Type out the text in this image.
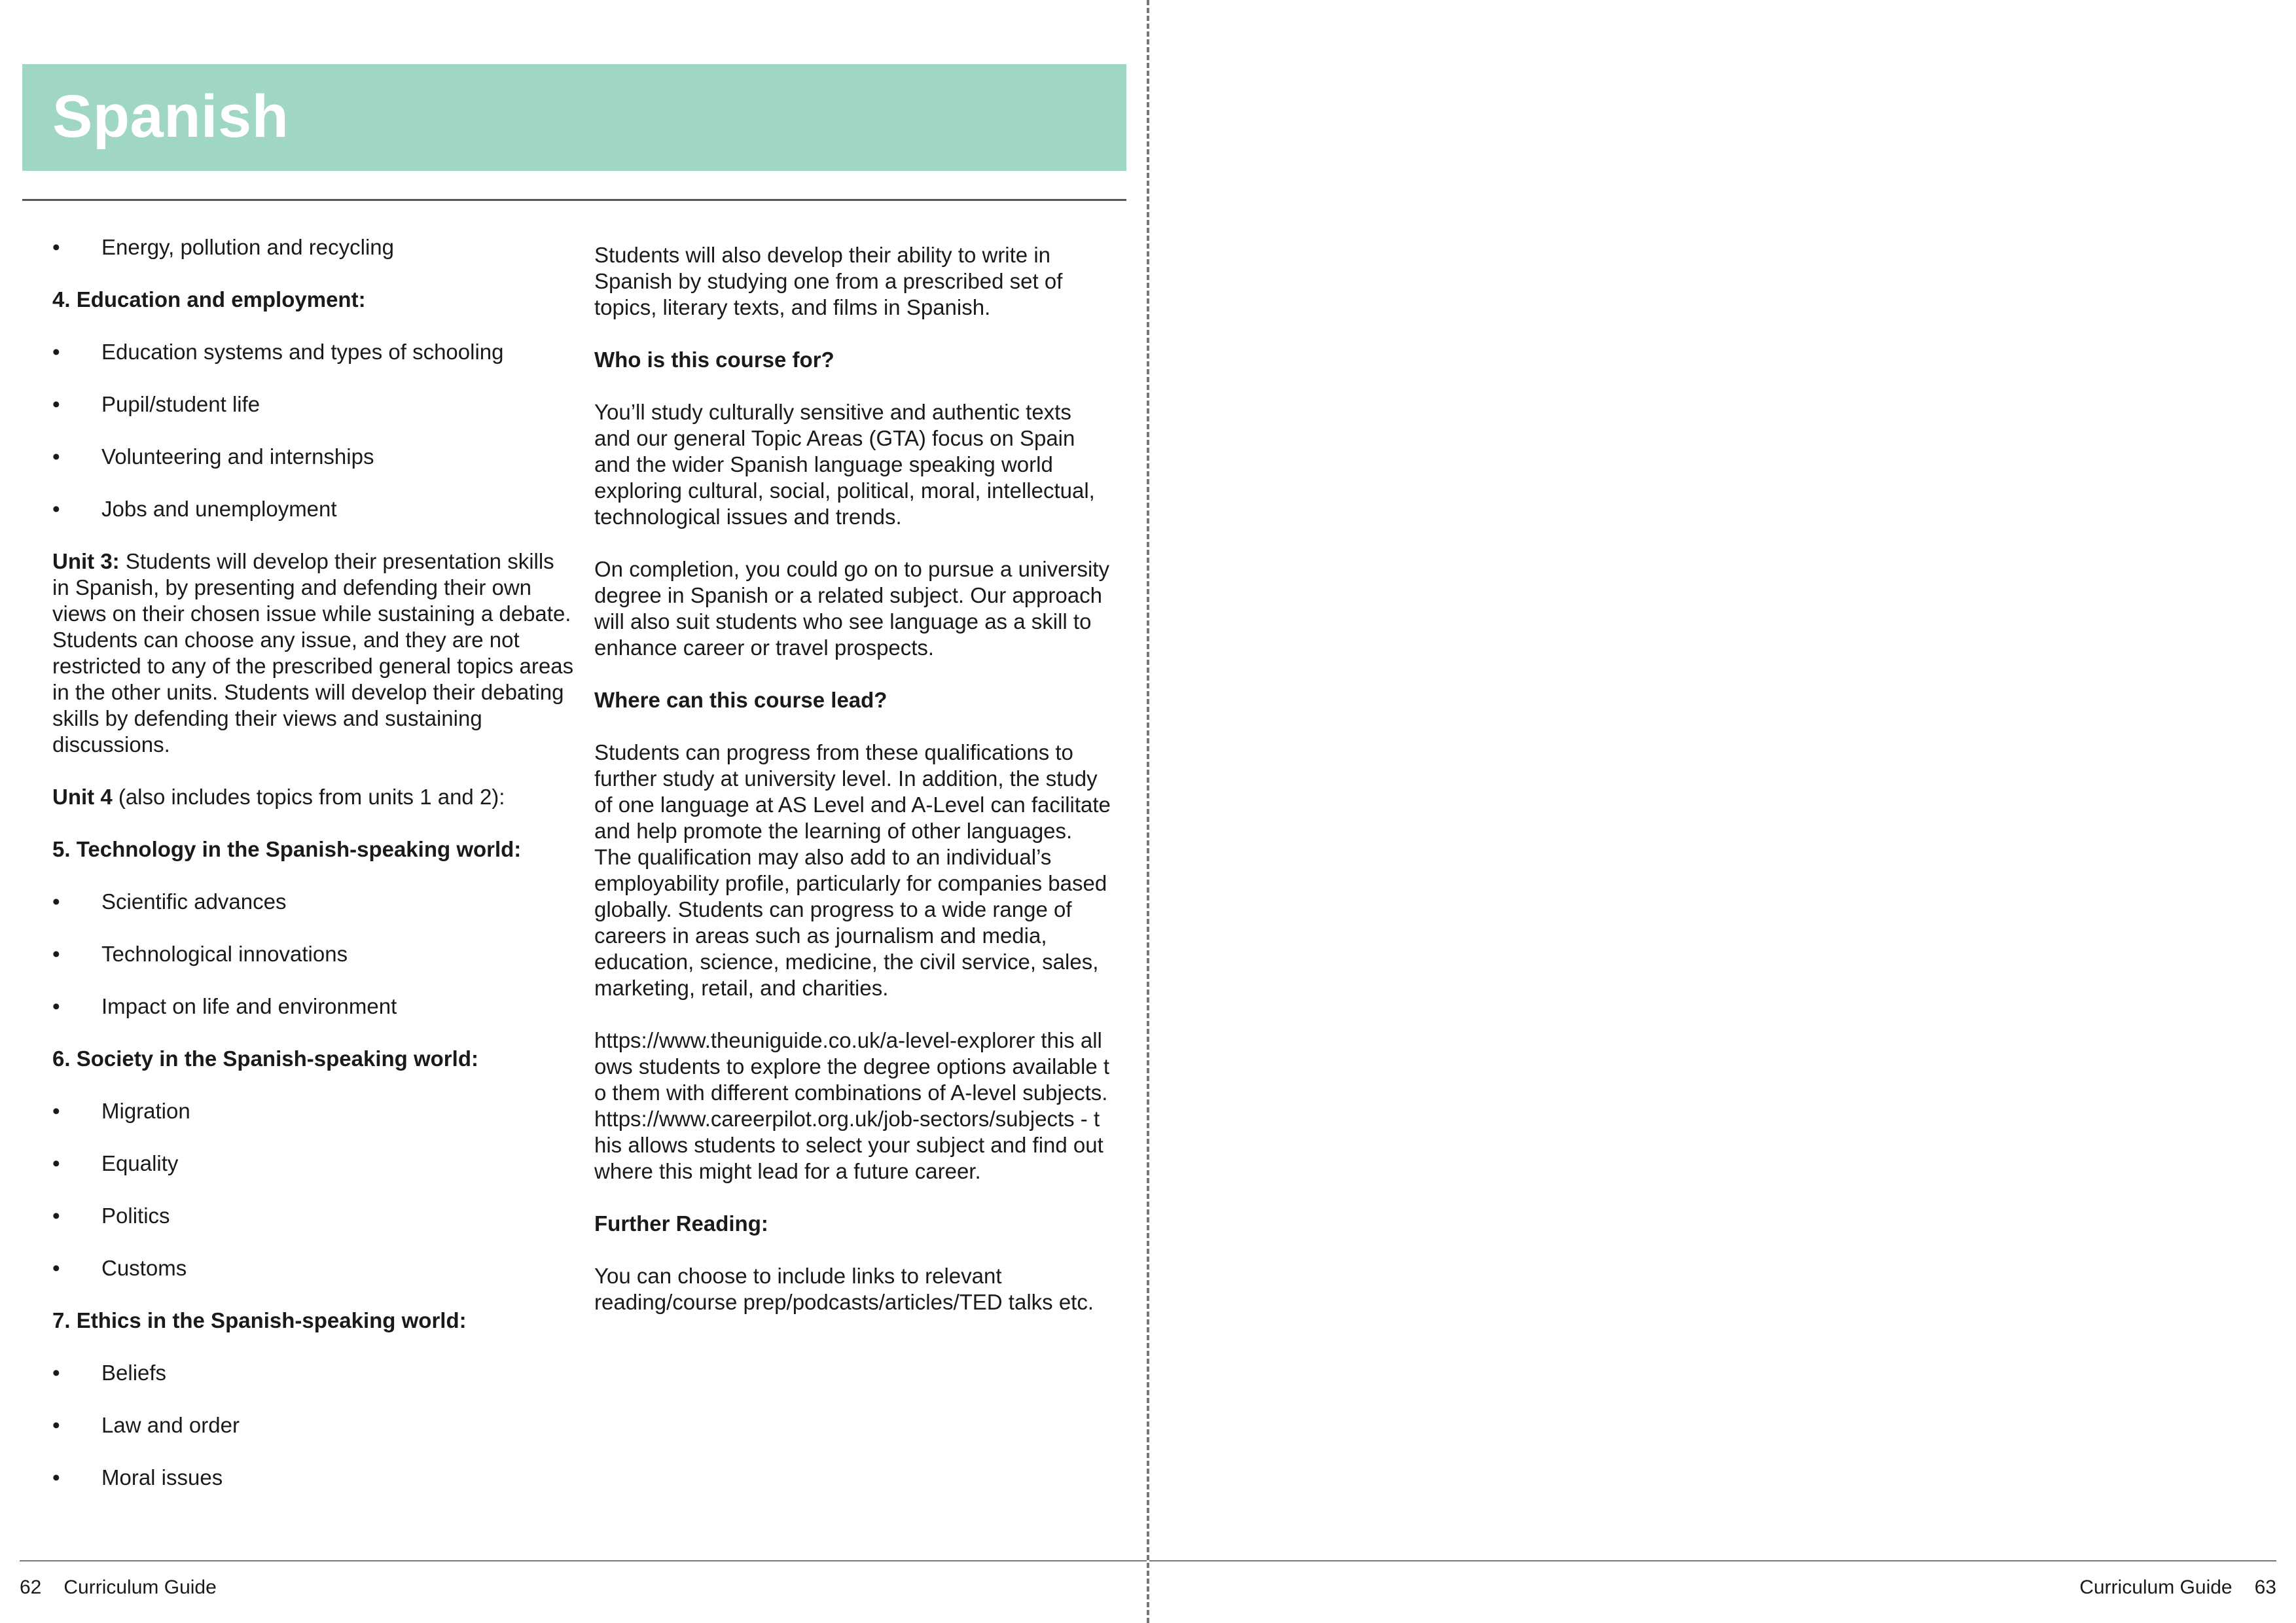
Spanish
• Energy, pollution and recycling
4. Education and employment:
• Education systems and types of schooling
• Pupil/student life
• Volunteering and internships
• Jobs and unemployment
Unit 3: Students will develop their presentation skills in Spanish, by presenting and defending their own views on their chosen issue while sustaining a debate. Students can choose any issue, and they are not restricted to any of the prescribed general topics areas in the other units. Students will develop their debating skills by defending their views and sustaining discussions.
Unit 4 (also includes topics from units 1 and 2):
5. Technology in the Spanish-speaking world:
• Scientific advances
• Technological innovations
• Impact on life and environment
6. Society in the Spanish-speaking world:
• Migration
• Equality
• Politics
• Customs
7. Ethics in the Spanish-speaking world:
• Beliefs
• Law and order
• Moral issues
Students will also develop their ability to write in Spanish by studying one from a prescribed set of topics, literary texts, and films in Spanish.
Who is this course for?
You’ll study culturally sensitive and authentic texts and our general Topic Areas (GTA) focus on Spain and the wider Spanish language speaking world exploring cultural, social, political, moral, intellectual, technological issues and trends.
On completion, you could go on to pursue a university degree in Spanish or a related subject. Our approach will also suit students who see language as a skill to enhance career or travel prospects.
Where can this course lead?
Students can progress from these qualifications to further study at university level. In addition, the study of one language at AS Level and A-Level can facilitate and help promote the learning of other languages. The qualification may also add to an individual’s employability profile, particularly for companies based globally. Students can progress to a wide range of careers in areas such as journalism and media, education, science, medicine, the civil service, sales, marketing, retail, and charities.
https://www.theuniguide.co.uk/a-level-explorer this allows students to explore the degree options available to them with different combinations of A-level subjects. https://www.careerpilot.org.uk/job-sectors/subjects - this allows students to select your subject and find out where this might lead for a future career.
Further Reading:
You can choose to include links to relevant reading/course prep/podcasts/articles/TED talks etc.
62 Curriculum Guide	Curriculum Guide 63
